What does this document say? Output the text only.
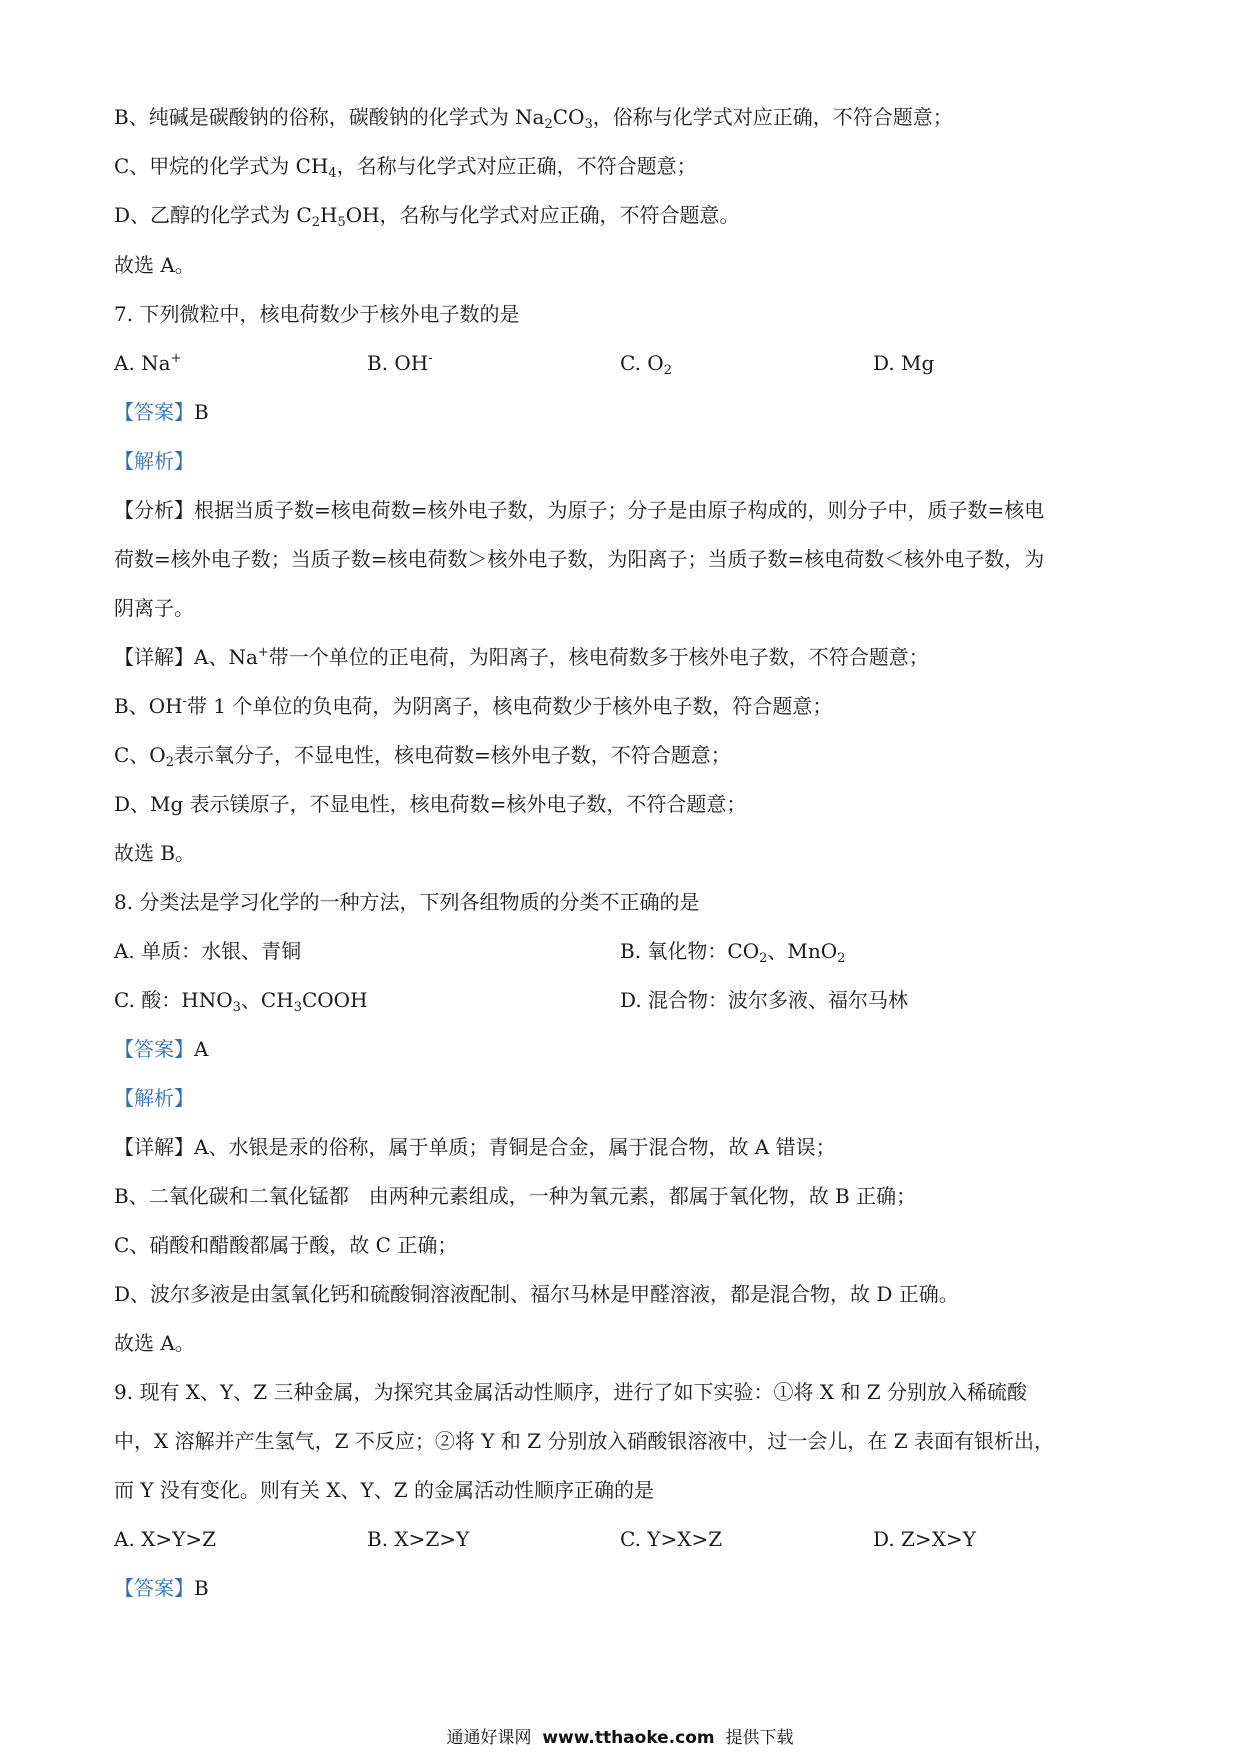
B、纯碱是碳酸钠的俗称，碳酸钠的化学式为 $Na_2CO_3$，俗称与化学式对应正确，不符合题意；
C、甲烷的化学式为 $CH_4$，名称与化学式对应正确，不符合题意；
D、乙醇的化学式为 $C_2H_5OH$，名称与化学式对应正确，不符合题意。
故选 A。
7. 下列微粒中，核电荷数少于核外电子数的是
A. Na+	B. OH-	C. $O_2$	D. Mg
【答案】B
【解析】
【分析】根据当质子数=核电荷数=核外电子数，为原子；分子是由原子构成的，则分子中，质子数=核电
荷数=核外电子数；当质子数=核电荷数＞核外电子数，为阳离子；当质子数=核电荷数＜核外电子数，为
阴离子。
【详解】A、Na+带一个单位的正电荷，为阳离子，核电荷数多于核外电子数，不符合题意；
B、OH-带 1 个单位的负电荷，为阴离子，核电荷数少于核外电子数，符合题意；
C、$O_2$表示氧分子，不显电性，核电荷数=核外电子数，不符合题意；
D、Mg 表示镁原子，不显电性，核电荷数=核外电子数，不符合题意；
故选 B。
8. 分类法是学习化学的一种方法，下列各组物质的分类不正确的是
A. 单质：水银、青铜	B. 氧化物：$CO_2$、MnO$_2$
C. 酸：$HNO_3$、$CH_3COOH$	D. 混合物：波尔多液、福尔马林
【答案】A
【解析】
【详解】A、水银是汞的俗称，属于单质；青铜是合金，属于混合物，故 A 错误；
B、二氧化碳和二氧化锰都　由两种元素组成，一种为氧元素，都属于氧化物，故 B 正确；
C、硝酸和醋酸都属于酸，故 C 正确；
D、波尔多液是由氢氧化钙和硫酸铜溶液配制、福尔马林是甲醛溶液，都是混合物，故 D 正确。
故选 A。
9. 现有 X、Y、Z 三种金属，为探究其金属活动性顺序，进行了如下实验：①将 X 和 Z 分别放入稀硫酸
中，X 溶解并产生氢气，Z 不反应；②将 Y 和 Z 分别放入硝酸银溶液中，过一会儿，在 Z 表面有银析出，
而 Y 没有变化。则有关 X、Y、Z 的金属活动性顺序正确的是
A. X>Y>Z	B. X>Z>Y	C. Y>X>Z	D. Z>X>Y
【答案】B
通通好课网 www.tthaoke.com 提供下载
